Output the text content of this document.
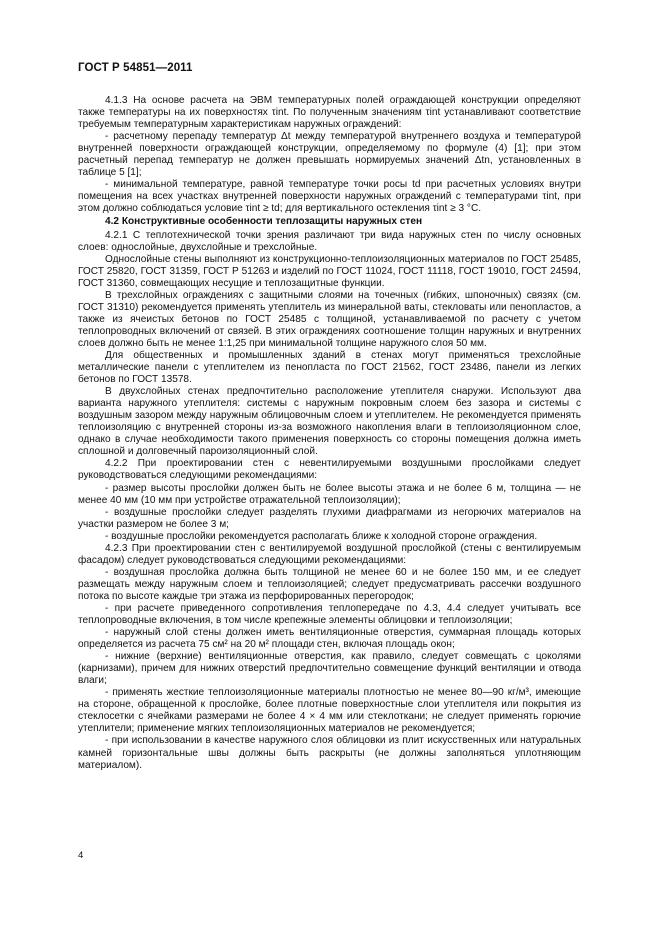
ГОСТ Р 54851—2011

4.1.3 На основе расчета на ЭВМ температурных полей ограждающей конструкции определяют также температуры на их поверхностях τint. По полученным значениям τint устанавливают соответствие требуемым температурным характеристикам наружных ограждений:

- расчетному перепаду температур Δt между температурой внутреннего воздуха и температурой внутренней поверхности ограждающей конструкции, определяемому по формуле (4) [1]; при этом расчетный перепад температур не должен превышать нормируемых значений Δtn, установленных в таблице 5 [1];

- минимальной температуре, равной температуре точки росы td при расчетных условиях внутри помещения на всех участках внутренней поверхности наружных ограждений с температурами τint, при этом должно соблюдаться условие τint ≥ td; для вертикального остекления τint ≥ 3 °С.

4.2 Конструктивные особенности теплозащиты наружных стен

4.2.1 С теплотехнической точки зрения различают три вида наружных стен по числу основных слоев: однослойные, двухслойные и трехслойные.

Однослойные стены выполняют из конструкционно-теплоизоляционных материалов по ГОСТ 25485, ГОСТ 25820, ГОСТ 31359, ГОСТ Р 51263 и изделий по ГОСТ 11024, ГОСТ 11118, ГОСТ 19010, ГОСТ 24594, ГОСТ 31360, совмещающих несущие и теплозащитные функции.

В трехслойных ограждениях с защитными слоями на точечных (гибких, шпоночных) связях (см. ГОСТ 31310) рекомендуется применять утеплитель из минеральной ваты, стекловаты или пенопластов, а также из ячеистых бетонов по ГОСТ 25485 с толщиной, устанавливаемой по расчету с учетом теплопроводных включений от связей. В этих ограждениях соотношение толщин наружных и внутренних слоев должно быть не менее 1:1,25 при минимальной толщине наружного слоя 50 мм.

Для общественных и промышленных зданий в стенах могут применяться трехслойные металлические панели с утеплителем из пенопласта по ГОСТ 21562, ГОСТ 23486, панели из легких бетонов по ГОСТ 13578.

В двухслойных стенах предпочтительно расположение утеплителя снаружи. Используют два варианта наружного утеплителя: системы с наружным покровным слоем без зазора и системы с воздушным зазором между наружным облицовочным слоем и утеплителем. Не рекомендуется применять теплоизоляцию с внутренней стороны из-за возможного накопления влаги в теплоизоляционном слое, однако в случае необходимости такого применения поверхность со стороны помещения должна иметь сплошной и долговечный пароизоляционный слой.

4.2.2 При проектировании стен с невентилируемыми воздушными прослойками следует руководствоваться следующими рекомендациями:

- размер высоты прослойки должен быть не более высоты этажа и не более 6 м, толщина — не менее 40 мм (10 мм при устройстве отражательной теплоизоляции);

- воздушные прослойки следует разделять глухими диафрагмами из негорючих материалов на участки размером не более 3 м;

- воздушные прослойки рекомендуется располагать ближе к холодной стороне ограждения.

4.2.3 При проектировании стен с вентилируемой воздушной прослойкой (стены с вентилируемым фасадом) следует руководствоваться следующими рекомендациями:

- воздушная прослойка должна быть толщиной не менее 60 и не более 150 мм, и ее следует размещать между наружным слоем и теплоизоляцией; следует предусматривать рассечки воздушного потока по высоте каждые три этажа из перфорированных перегородок;

- при расчете приведенного сопротивления теплопередаче по 4.3, 4.4 следует учитывать все теплопроводные включения, в том числе крепежные элементы облицовки и теплоизоляции;

- наружный слой стены должен иметь вентиляционные отверстия, суммарная площадь которых определяется из расчета 75 см² на 20 м² площади стен, включая площадь окон;

- нижние (верхние) вентиляционные отверстия, как правило, следует совмещать с цоколями (карнизами), причем для нижних отверстий предпочтительно совмещение функций вентиляции и отвода влаги;

- применять жесткие теплоизоляционные материалы плотностью не менее 80—90 кг/м³, имеющие на стороне, обращенной к прослойке, более плотные поверхностные слои утеплителя или покрытия из стеклосетки с ячейками размерами не более 4 × 4 мм или стеклоткани; не следует применять горючие утеплители; применение мягких теплоизоляционных материалов не рекомендуется;

- при использовании в качестве наружного слоя облицовки из плит искусственных или натуральных камней горизонтальные швы должны быть раскрыты (не должны заполняться уплотняющим материалом).

4
